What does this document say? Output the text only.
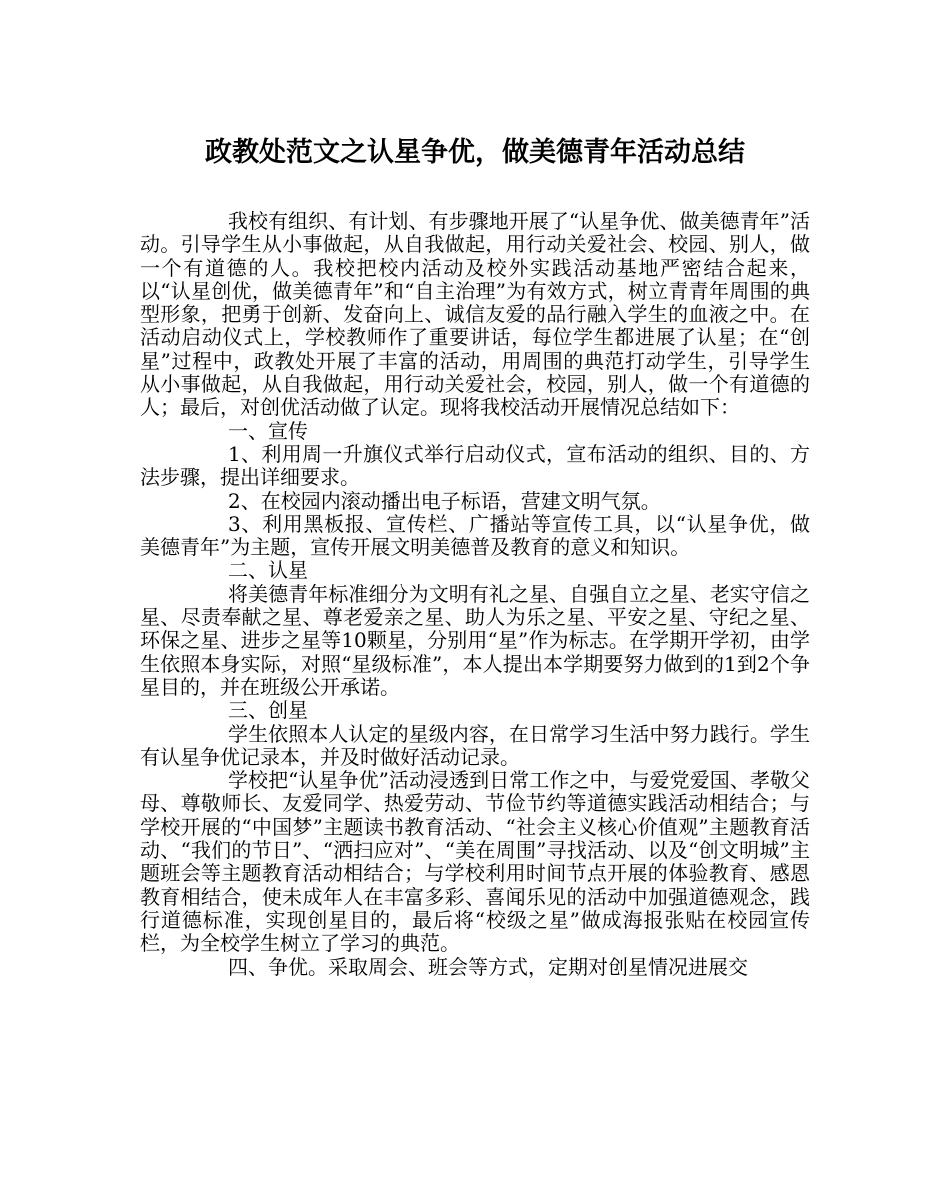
政教处范文之认星争优，做美德青年活动总结

我校有组织、有计划、有步骤地开展了“认星争优、做美德青年”活动。引导学生从小事做起，从自我做起，用行动关爱社会、校园、别人，做一个有道德的人。我校把校内活动及校外实践活动基地严密结合起来，以“认星创优，做美德青年”和“自主治理”为有效方式，树立青青年周围的典型形象，把勇于创新、发奋向上、诚信友爱的品行融入学生的血液之中。在活动启动仪式上，学校教师作了重要讲话，每位学生都进展了认星；在“创星”过程中，政教处开展了丰富的活动，用周围的典范打动学生，引导学生从小事做起，从自我做起，用行动关爱社会，校园，别人，做一个有道德的人；最后，对创优活动做了认定。现将我校活动开展情况总结如下：

一、宣传

1、利用周一升旗仪式举行启动仪式，宣布活动的组织、目的、方法步骤，提出详细要求。

2、在校园内滚动播出电子标语，营建文明气氛。

3、利用黑板报、宣传栏、广播站等宣传工具，以“认星争优，做美德青年”为主题，宣传开展文明美德普及教育的意义和知识。

二、认星

将美德青年标准细分为文明有礼之星、自强自立之星、老实守信之星、尽责奉献之星、尊老爱亲之星、助人为乐之星、平安之星、守纪之星、环保之星、进步之星等10颗星，分别用“星”作为标志。在学期开学初，由学生依照本身实际，对照“星级标准”，本人提出本学期要努力做到的1到2个争星目的，并在班级公开承诺。

三、创星

学生依照本人认定的星级内容，在日常学习生活中努力践行。学生有认星争优记录本，并及时做好活动记录。

学校把“认星争优”活动浸透到日常工作之中，与爱党爱国、孝敬父母、尊敬师长、友爱同学、热爱劳动、节俭节约等道德实践活动相结合；与学校开展的“中国梦”主题读书教育活动、“社会主义核心价值观”主题教育活动、“我们的节日”、“洒扫应对”、“美在周围”寻找活动、以及“创文明城”主题班会等主题教育活动相结合；与学校利用时间节点开展的体验教育、感恩教育相结合，使未成年人在丰富多彩、喜闻乐见的活动中加强道德观念，践行道德标准，实现创星目的，最后将“校级之星”做成海报张贴在校园宣传栏，为全校学生树立了学习的典范。

四、争优。采取周会、班会等方式，定期对创星情况进展交
